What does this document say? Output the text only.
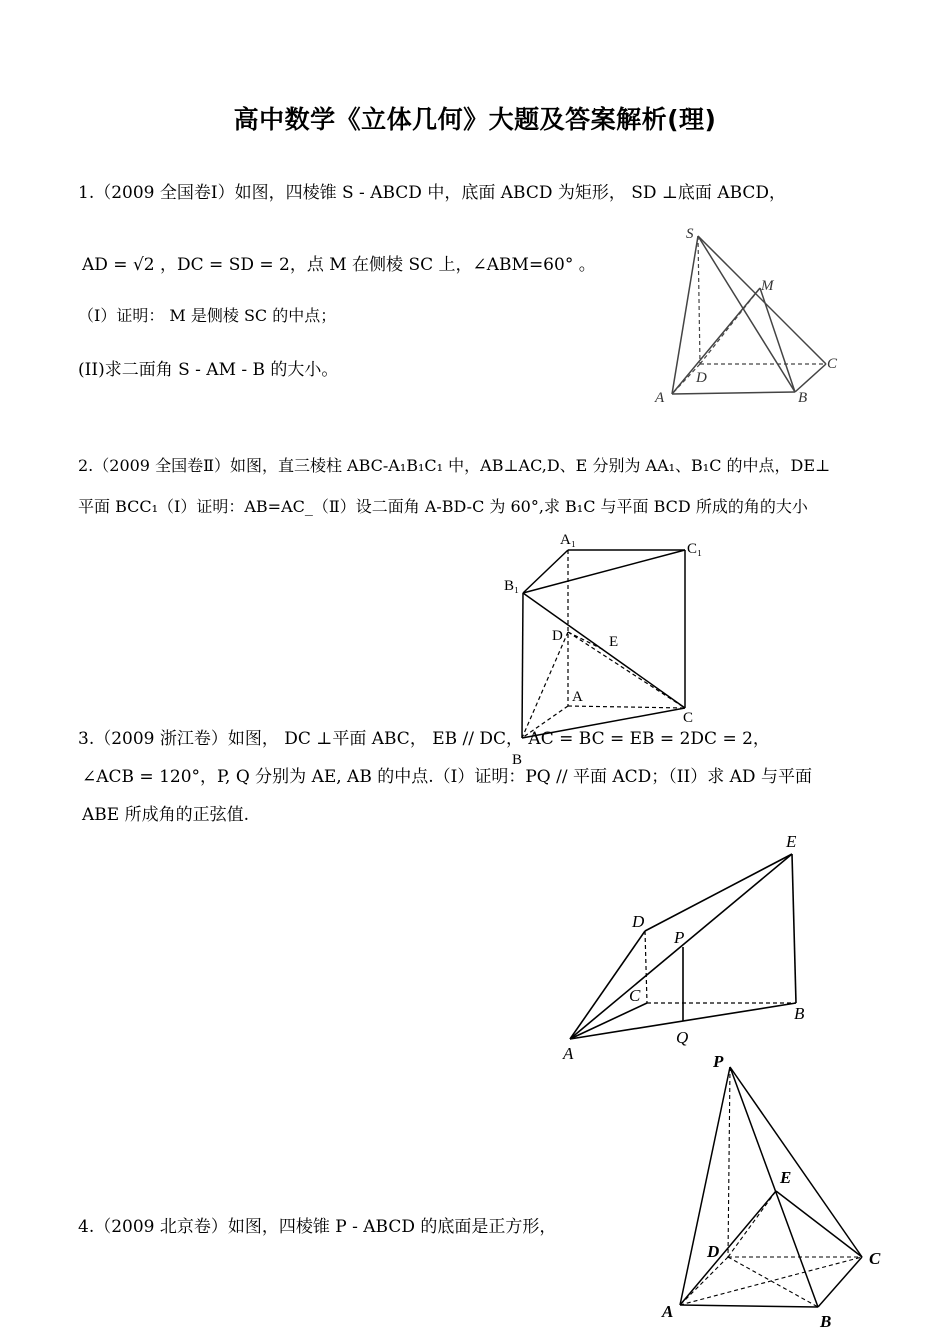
高中数学《立体几何》大题及答案解析(理)
1.（2009 全国卷Ⅰ）如图，四棱锥 S - ABCD 中，底面 ABCD 为矩形， SD ⊥底面 ABCD，
AD = √2 ，DC = SD = 2，点 M 在侧棱 SC 上，∠ABM=60° 。
（I）证明： M 是侧棱 SC 的中点；
(II)求二面角 S - AM - B 的大小。
S
M
C
D
A	B
2.（2009 全国卷Ⅱ）如图，直三棱柱 ABC-A₁B₁C₁ 中，AB⊥AC,D、E 分别为 AA₁、B₁C 的中点，DE⊥
平面 BCC₁（Ⅰ）证明：AB=AC_（Ⅱ）设二面角 A-BD-C 为 60°,求 B₁C 与平面 BCD 所成的角的大小
A₁
C₁
B₁
D	E
A
C
B
3.（2009 浙江卷）如图， DC ⊥平面 ABC， EB // DC， AC = BC = EB = 2DC = 2，
∠ACB = 120°，P, Q 分别为 AE, AB 的中点.（I）证明：PQ // 平面 ACD；（II）求 AD 与平面
ABE 所成角的正弦值.
E
D
P
C
B
A
Q
4.（2009 北京卷）如图，四棱锥 P - ABCD 的底面是正方形，
P
E
D	C
A
B
